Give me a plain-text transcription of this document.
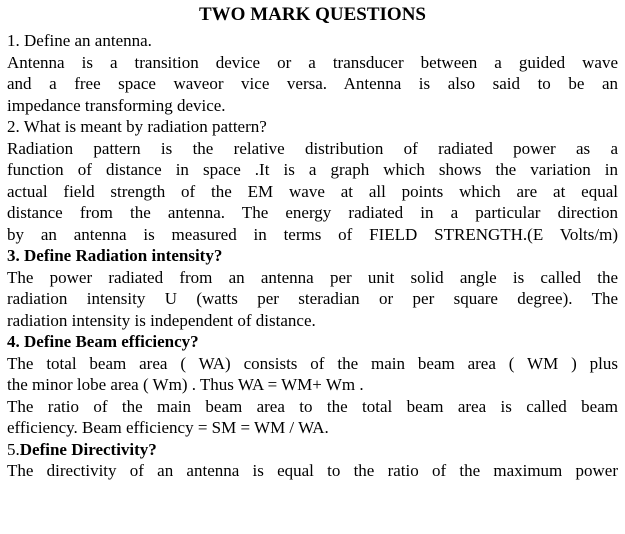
TWO MARK QUESTIONS
1. Define an antenna.
Antenna is a transition device or a transducer between a guided wave
and a free space waveor vice versa. Antenna is also said to be an
impedance transforming device.
2. What is meant by radiation pattern?
Radiation pattern is the relative distribution of radiated power as a
function of distance in space .It is a graph which shows the variation in
actual field strength of the EM wave at all points which are at equal
distance from the antenna. The energy radiated in a particular direction
by an antenna is measured in terms of FIELD STRENGTH.(E Volts/m)
3. Define Radiation intensity?
The power radiated from an antenna per unit solid angle is called the
radiation intensity U (watts per steradian or per square degree). The
radiation intensity is independent of distance.
4. Define Beam efficiency?
The total beam area ( WA) consists of the main beam area ( WM ) plus
the minor lobe area ( Wm) . Thus WA = WM+ Wm .
The ratio of the main beam area to the total beam area is called beam
efficiency. Beam efficiency = SM = WM / WA.
5.Define Directivity?
The directivity of an antenna is equal to the ratio of the maximum power
